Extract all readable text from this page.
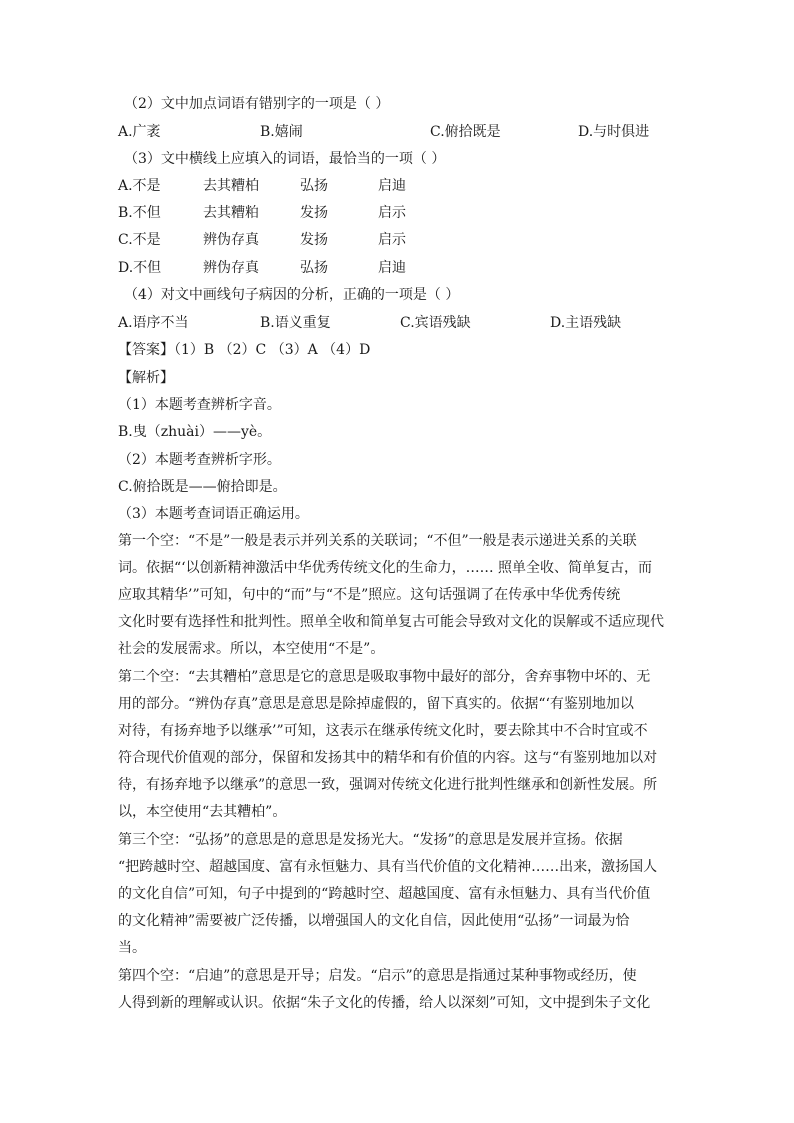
（2）文中加点词语有错别字的一项是（ ）
A.广袤	B.嬉闹	C.俯拾既是	D.与时俱进
（3）文中横线上应填入的词语，最恰当的一项（ ）
A.不是	去其糟柏	弘扬	启迪
B.不但	去其糟粕	发扬	启示
C.不是	辨伪存真	发扬	启示
D.不但	辨伪存真	弘扬	启迪
（4）对文中画线句子病因的分析，正确的一项是（ ）
A.语序不当	B.语义重复	C.宾语残缺	D.主语残缺
【答案】（1）B （2）C （3）A （4）D
【解析】
（1）本题考查辨析字音。
B.曳（zhuài）——yè。
（2）本题考查辨析字形。
C.俯拾既是——俯拾即是。
（3）本题考查词语正确运用。
第一个空：“不是”一般是表示并列关系的关联词；“不但”一般是表示递进关系的关联
词。依据“‘以创新精神激活中华优秀传统文化的生命力，…… 照单全收、简单复古，而
应取其精华’”可知，句中的“而”与“不是”照应。这句话强调了在传承中华优秀传统
文化时要有选择性和批判性。照单全收和简单复古可能会导致对文化的误解或不适应现代
社会的发展需求。所以，本空使用“不是”。
第二个空：“去其糟柏”意思是它的意思是吸取事物中最好的部分，舍弃事物中坏的、无
用的部分。“辨伪存真”意思是意思是除掉虚假的，留下真实的。依据“‘有鉴别地加以
对待，有扬弃地予以继承’”可知，这表示在继承传统文化时，要去除其中不合时宜或不
符合现代价值观的部分，保留和发扬其中的精华和有价值的内容。这与“有鉴别地加以对
待，有扬弃地予以继承”的意思一致，强调对传统文化进行批判性继承和创新性发展。所
以，本空使用“去其糟柏”。
第三个空：“弘扬”的意思是的意思是发扬光大。“发扬”的意思是发展并宣扬。依据
“把跨越时空、超越国度、富有永恒魅力、具有当代价值的文化精神……出来，激扬国人
的文化自信”可知，句子中提到的“跨越时空、超越国度、富有永恒魅力、具有当代价值
的文化精神”需要被广泛传播，以增强国人的文化自信，因此使用“弘扬”一词最为恰
当。
第四个空：“启迪”的意思是开导；启发。“启示”的意思是指通过某种事物或经历，使
人得到新的理解或认识。依据“朱子文化的传播，给人以深刻”可知，文中提到朱子文化
